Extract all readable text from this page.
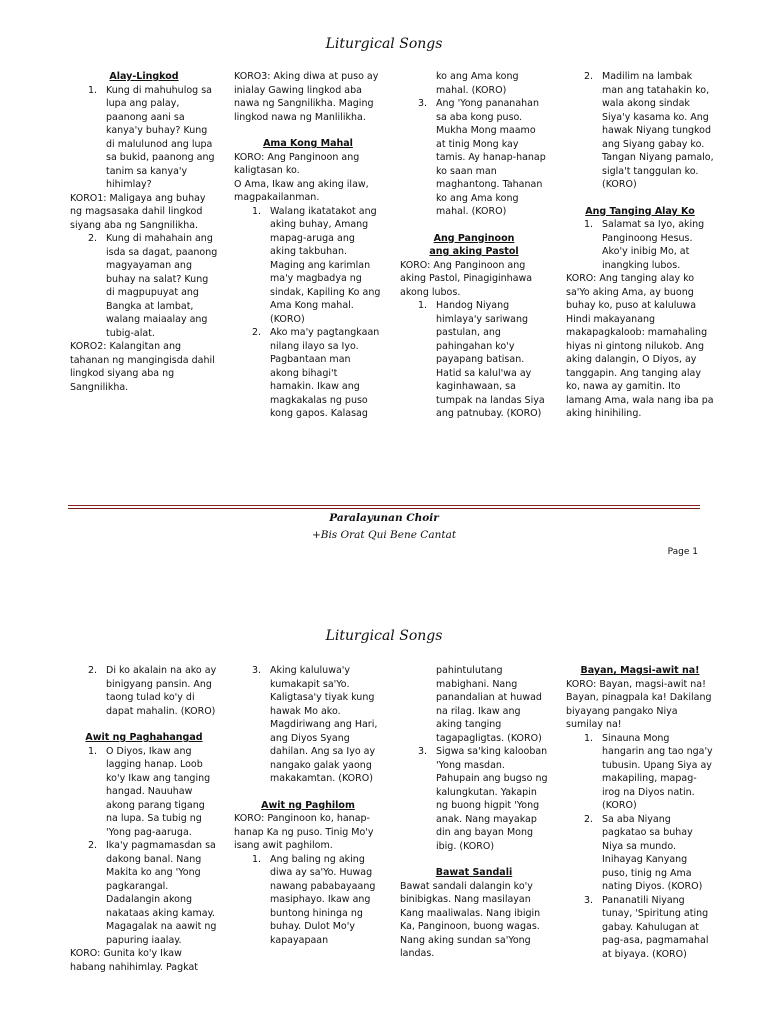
Liturgical Songs
Alay-Lingkod
1. Kung di mahuhulog sa lupa ang palay, paanong aani sa kanya'y buhay? Kung di malulunod ang lupa sa bukid, paanong ang tanim sa kanya'y hihimlay?
KORO1: Maligaya ang buhay ng magsasaka dahil lingkod siyang aba ng Sangnilikha.
2. Kung di mahahain ang isda sa dagat, paanong magyayaman ang buhay na salat? Kung di magpupuyat ang Bangka at lambat, walang maiaalay ang tubig-alat.
KORO2: Kalangitan ang tahanan ng mangingisda dahil lingkod siyang aba ng Sangnilikha.
KORO3: Aking diwa at puso ay inialay Gawing lingkod aba nawa ng Sangnilikha. Maging lingkod nawa ng Manlilikha.
Ama Kong Mahal
KORO: Ang Panginoon ang kaligtasan ko.
O Ama, Ikaw ang aking ilaw, magpakailanman.
1. Walang ikatatakot ang aking buhay, Amang mapag-aruga ang aking takbuhan. Maging ang karimlan ma'y magbadya ng sindak, Kapiling Ko ang Ama Kong mahal. (KORO)
2. Ako ma'y pagtangkaan nilang ilayo sa Iyo. Pagbantaan man akong bihagi't hamakin. Ikaw ang magkakalas ng puso kong gapos. Kalasag
ko ang Ama kong mahal. (KORO)
3. Ang 'Yong pananahan sa aba kong puso. Mukha Mong maamo at tinig Mong kay tamis. Ay hanap-hanap ko saan man maghantong. Tahanan ko ang Ama kong mahal. (KORO)
Ang Panginoon
ang aking Pastol
KORO: Ang Panginoon ang aking Pastol, Pinagiginhawa akong lubos.
1. Handog Niyang himlaya'y sariwang pastulan, ang pahingahan ko'y payapang batisan. Hatid sa kalul'wa ay kaginhawaan, sa tumpak na landas Siya ang patnubay. (KORO)
2. Madilim na lambak man ang tatahakin ko, wala akong sindak Siya'y kasama ko. Ang hawak Niyang tungkod ang Siyang gabay ko. Tangan Niyang pamalo, sigla't tanggulan ko. (KORO)
Ang Tanging Alay Ko
1. Salamat sa Iyo, aking Panginoong Hesus. Ako'y inibig Mo, at inangking lubos.
KORO: Ang tanging alay ko sa'Yo aking Ama, ay buong buhay ko, puso at kaluluwa Hindi makayanang makapagkaloob: mamahaling hiyas ni gintong nilukob. Ang aking dalangin, O Diyos, ay tanggapin. Ang tanging alay ko, nawa ay gamitin. Ito lamang Ama, wala nang iba pa aking hinihiling.
Paralayunan Choir
+Bis Orat Qui Bene Cantat
Page 1
Liturgical Songs
2. Di ko akalain na ako ay binigyang pansin. Ang taong tulad ko'y di dapat mahalin. (KORO)
Awit ng Paghahangad
1. O Diyos, Ikaw ang lagging hanap. Loob ko'y Ikaw ang tanging hangad. Nauuhaw akong parang tigang na lupa. Sa tubig ng 'Yong pag-aaruga.
2. Ika'y pagmamasdan sa dakong banal. Nang Makita ko ang 'Yong pagkarangal. Dadalangin akong nakataas aking kamay. Magagalak na aawit ng papuring iaalay.
KORO: Gunita ko'y Ikaw habang nahihimlay. Pagkat
3. Aking kaluluwa'y kumakapit sa'Yo. Kaligtasa'y tiyak kung hawak Mo ako. Magdiriwang ang Hari, ang Diyos Syang dahilan. Ang sa Iyo ay nangako galak yaong makakamtan. (KORO)
Awit ng Paghilom
KORO: Panginoon ko, hanap-hanap Ka ng puso. Tinig Mo'y isang awit paghilom.
1. Ang baling ng aking diwa ay sa'Yo. Huwag nawang pababayaang masiphayo. Ikaw ang buntong hininga ng buhay. Dulot Mo'y kapayapaan
pahintulutang mabighani. Nang panandalian at huwad na rilag. Ikaw ang aking tanging tagapagligtas. (KORO)
3. Sigwa sa'king kalooban 'Yong masdan. Pahupain ang bugso ng kalungkutan. Yakapin ng buong higpit 'Yong anak. Nang mayakap din ang bayan Mong ibig. (KORO)
Bawat Sandali
Bawat sandali dalangin ko'y binibigkas. Nang masilayan Kang maaliwalas. Nang ibigin Ka, Panginoon, buong wagas. Nang aking sundan sa'Yong landas.
Bayan, Magsi-awit na!
KORO: Bayan, magsi-awit na! Bayan, pinagpala ka! Dakilang biyayang pangako Niya sumilay na!
1. Sinauna Mong hangarin ang tao nga'y tubusin. Upang Siya ay makapiling, mapag-irog na Diyos natin. (KORO)
2. Sa aba Niyang pagkatao sa buhay Niya sa mundo. Inihayag Kanyang puso, tinig ng Ama nating Diyos. (KORO)
3. Pananatili Niyang tunay, 'Spiritung ating gabay. Kahulugan at pag-asa, pagmamahal at biyaya. (KORO)
